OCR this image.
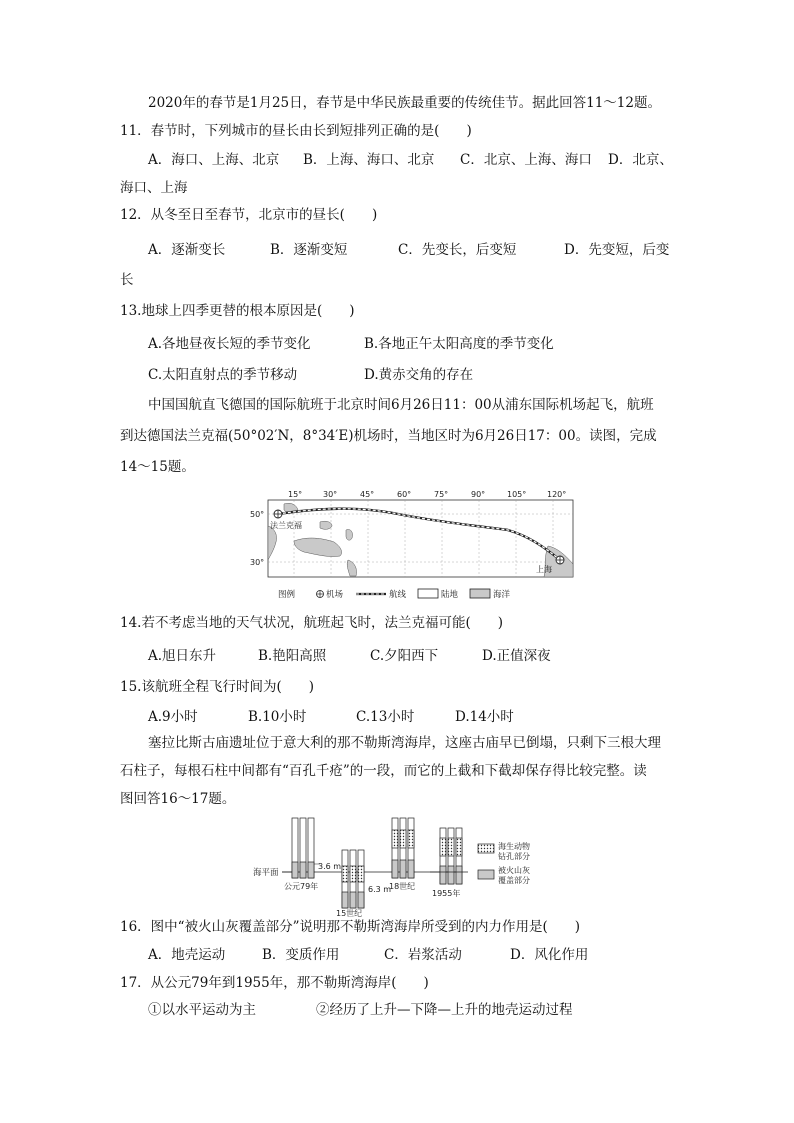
2020年的春节是1月25日，春节是中华民族最重要的传统佳节。据此回答11～12题。
11．春节时，下列城市的昼长由长到短排列正确的是(　　)
A．海口、上海、北京 B．上海、海口、北京 C．北京、上海、海口 D．北京、
海口、上海
12．从冬至日至春节，北京市的昼长(　　)
A．逐渐变长	B．逐渐变短	C．先变长，后变短	D．先变短，后变
长
13.地球上四季更替的根本原因是(　　)
A.各地昼夜长短的季节变化	B.各地正午太阳高度的季节变化
C.太阳直射点的季节移动	D.黄赤交角的存在
中国国航直飞德国的国际航班于北京时间6月26日11：00从浦东国际机场起飞，航班
到达德国法兰克福(50°02′N，8°34′E)机场时，当地区时为6月26日17：00。读图，完成
14～15题。
15°	30°	45°	60°	75°	90°	105°	120°
50°
30°
法兰克福
上海
图例	机场	航线	陆地	海洋
14.若不考虑当地的天气状况，航班起飞时，法兰克福可能(　　)
A.旭日东升	B.艳阳高照	C.夕阳西下	D.正值深夜
15.该航班全程飞行时间为(　　)
A.9小时	B.10小时	C.13小时	D.14小时
塞拉比斯古庙遗址位于意大利的那不勒斯湾海岸，这座古庙早已倒塌，只剩下三根大理
石柱子，每根石柱中间都有“百孔千疮”的一段，而它的上截和下截却保存得比较完整。读
图回答16～17题。
海平面
3.6 m
公元79年	6.3 m
15世纪
18世纪
1955年
海生动物
钻孔部分
被火山灰
覆盖部分
16．图中“被火山灰覆盖部分”说明那不勒斯湾海岸所受到的内力作用是(　　)
A．地壳运动	B．变质作用	C．岩浆活动	D．风化作用
17．从公元79年到1955年，那不勒斯湾海岸(　　)
①以水平运动为主	②经历了上升—下降—上升的地壳运动过程
